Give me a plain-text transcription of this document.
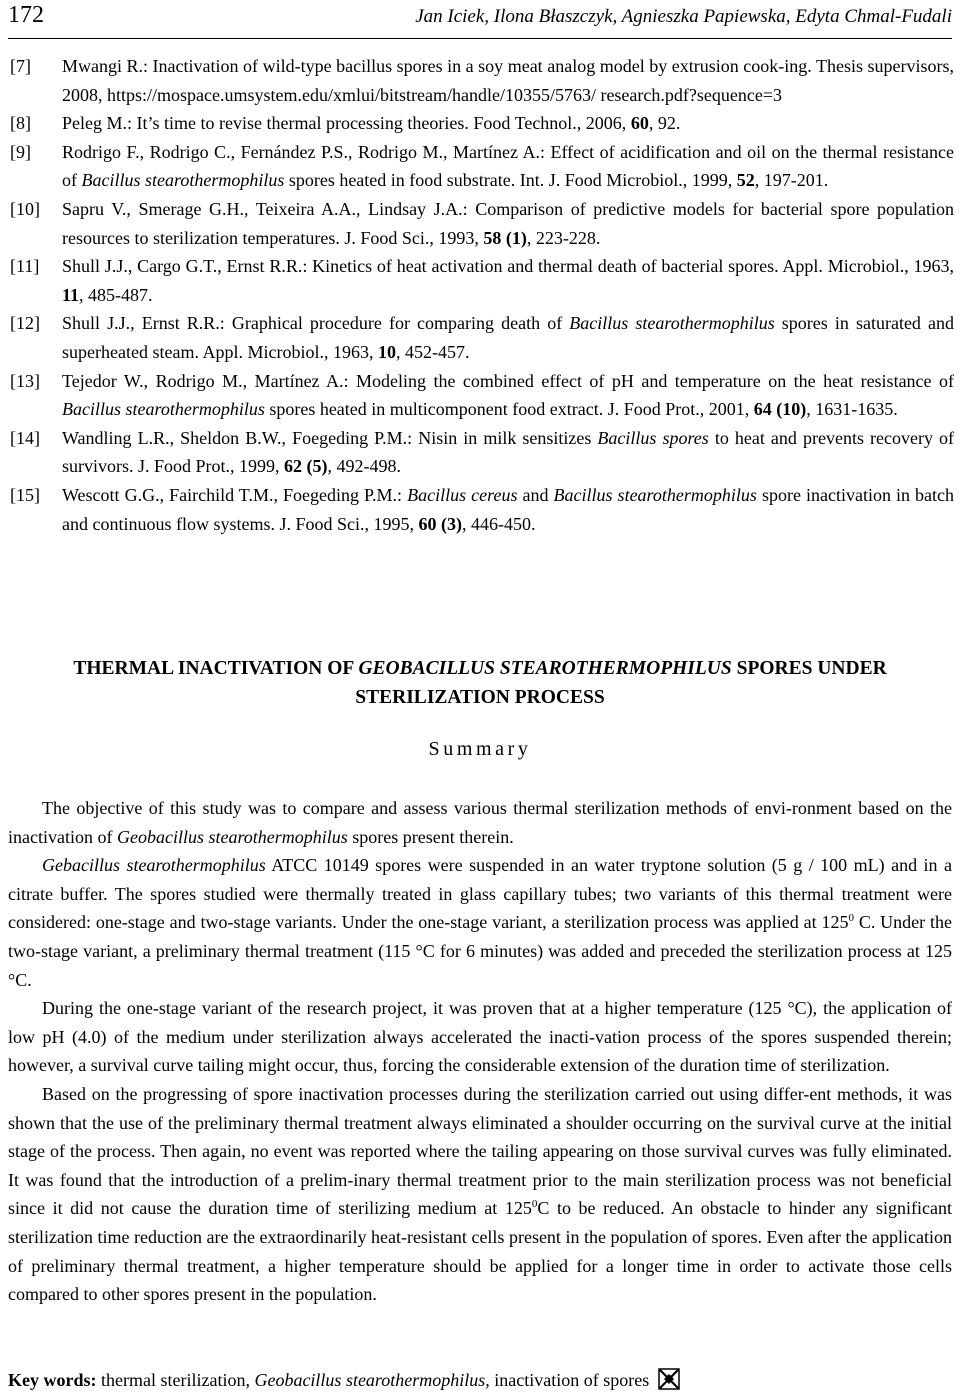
172	Jan Iciek, Ilona Błaszczyk, Agnieszka Papiewska, Edyta Chmal-Fudali
[7] Mwangi R.: Inactivation of wild-type bacillus spores in a soy meat analog model by extrusion cook-ing. Thesis supervisors, 2008, https://mospace.umsystem.edu/xmlui/bitstream/handle/10355/5763/ research.pdf?sequence=3
[8] Peleg M.: It’s time to revise thermal processing theories. Food Technol., 2006, 60, 92.
[9] Rodrigo F., Rodrigo C., Fernández P.S., Rodrigo M., Martínez A.: Effect of acidification and oil on the thermal resistance of Bacillus stearothermophilus spores heated in food substrate. Int. J. Food Microbiol., 1999, 52, 197-201.
[10] Sapru V., Smerage G.H., Teixeira A.A., Lindsay J.A.: Comparison of predictive models for bacterial spore population resources to sterilization temperatures. J. Food Sci., 1993, 58 (1), 223-228.
[11] Shull J.J., Cargo G.T., Ernst R.R.: Kinetics of heat activation and thermal death of bacterial spores. Appl. Microbiol., 1963, 11, 485-487.
[12] Shull J.J., Ernst R.R.: Graphical procedure for comparing death of Bacillus stearothermophilus spores in saturated and superheated steam. Appl. Microbiol., 1963, 10, 452-457.
[13] Tejedor W., Rodrigo M., Martínez A.: Modeling the combined effect of pH and temperature on the heat resistance of Bacillus stearothermophilus spores heated in multicomponent food extract. J. Food Prot., 2001, 64 (10), 1631-1635.
[14] Wandling L.R., Sheldon B.W., Foegeding P.M.: Nisin in milk sensitizes Bacillus spores to heat and prevents recovery of survivors. J. Food Prot., 1999, 62 (5), 492-498.
[15] Wescott G.G., Fairchild T.M., Foegeding P.M.: Bacillus cereus and Bacillus stearothermophilus spore inactivation in batch and continuous flow systems. J. Food Sci., 1995, 60 (3), 446-450.
THERMAL INACTIVATION OF GEOBACILLUS STEAROTHERMOPHILUS SPORES UNDER
STERILIZATION PROCESS
Summary

The objective of this study was to compare and assess various thermal sterilization methods of envi-ronment based on the inactivation of Geobacillus stearothermophilus spores present therein.

Gebacillus stearothermophilus ATCC 10149 spores were suspended in an water tryptone solution (5 g / 100 mL) and in a citrate buffer. The spores studied were thermally treated in glass capillary tubes; two variants of this thermal treatment were considered: one-stage and two-stage variants. Under the one-stage variant, a sterilization process was applied at $125^0$ C. Under the two-stage variant, a preliminary thermal treatment (115 °C for 6 minutes) was added and preceded the sterilization process at 125 °C.

During the one-stage variant of the research project, it was proven that at a higher temperature (125 °C), the application of low pH (4.0) of the medium under sterilization always accelerated the inacti-vation process of the spores suspended therein; however, a survival curve tailing might occur, thus, forcing the considerable extension of the duration time of sterilization.

Based on the progressing of spore inactivation processes during the sterilization carried out using differ-ent methods, it was shown that the use of the preliminary thermal treatment always eliminated a shoulder occurring on the survival curve at the initial stage of the process. Then again, no event was reported where the tailing appearing on those survival curves was fully eliminated. It was found that the introduction of a prelim-inary thermal treatment prior to the main sterilization process was not beneficial since it did not cause the duration time of sterilizing medium at $125^0C$ to be reduced. An obstacle to hinder any significant sterilization time reduction are the extraordinarily heat-resistant cells present in the population of spores. Even after the application of preliminary thermal treatment, a higher temperature should be applied for a longer time in order to activate those cells compared to other spores present in the population.

Key words: thermal sterilization, Geobacillus stearothermophilus, inactivation of spores
